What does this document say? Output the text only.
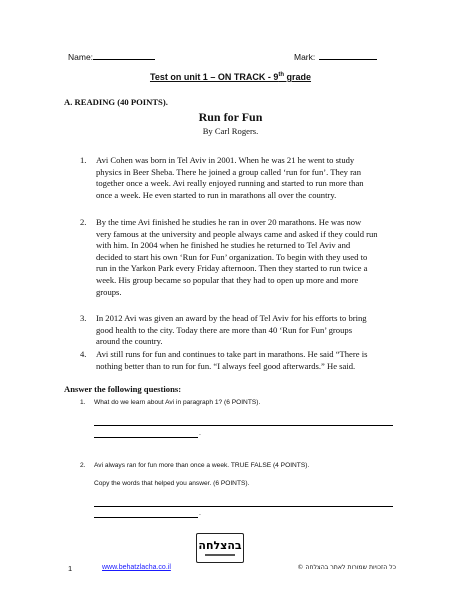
Name:	Mark:
Test on unit 1 – ON TRACK - 9th grade
A. READING (40 POINTS).
Run for Fun
By Carl Rogers.
1. Avi Cohen was born in Tel Aviv in 2001. When he was 21 he went to study
physics in Beer Sheba. There he joined a group called ‘run for fun’. They ran
together once a week. Avi really enjoyed running and started to run more than
once a week. He even started to run in marathons all over the country.
2. By the time Avi finished he studies he ran in over 20 marathons. He was now
very famous at the university and people always came and asked if they could run
with him. In 2004 when he finished he studies he returned to Tel Aviv and
decided to start his own ‘Run for Fun’ organization. To begin with they used to
run in the Yarkon Park every Friday afternoon. Then they started to run twice a
week. His group became so popular that they had to open up more and more
groups.
3. In 2012 Avi was given an award by the head of Tel Aviv for his efforts to bring
good health to the city. Today there are more than 40 ‘Run for Fun’ groups
around the country.
4. Avi still runs for fun and continues to take part in marathons. He said “There is
nothing better than to run for fun. “I always feel good afterwards.” He said.
Answer the following questions:
1. What do we learn about Avi in paragraph 1? (6 POINTS).
.
2. Avi always ran for fun more than once a week. TRUE FALSE (4 POINTS).
Copy the words that helped you answer. (6 POINTS).
.
בהצלחה
1	www.behatzlacha.co.il	כל הזכויות שמורות לאתר בהצלחה ©
